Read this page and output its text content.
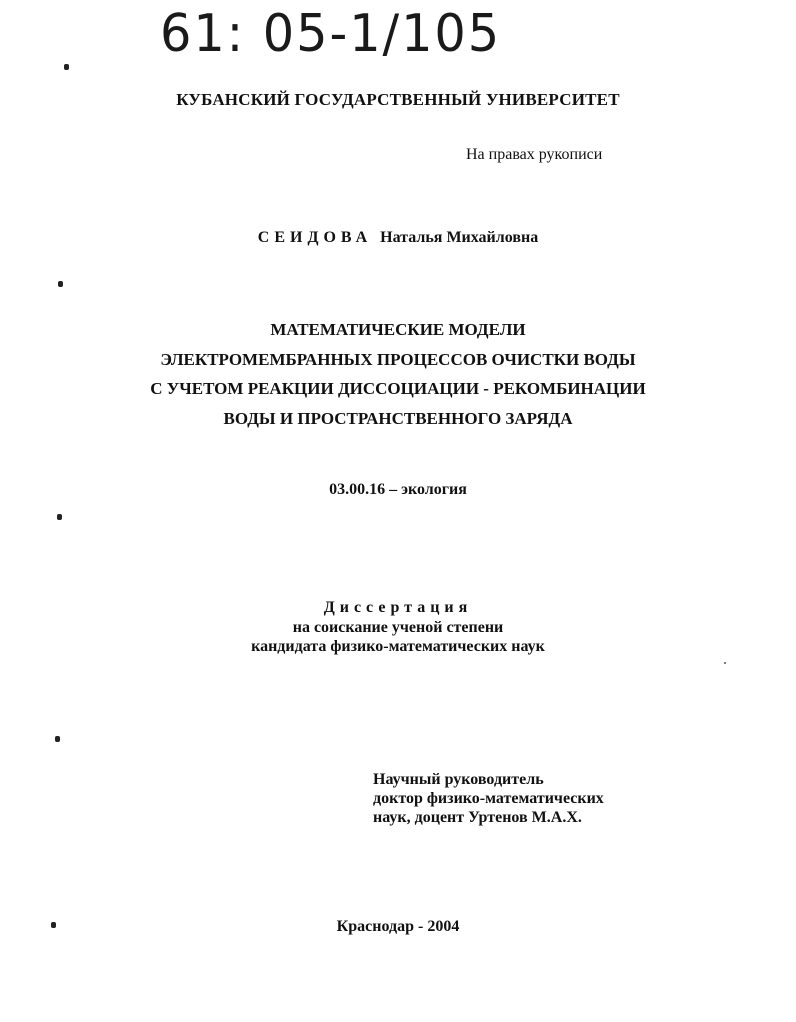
61: 05-1/105
КУБАНСКИЙ ГОСУДАРСТВЕННЫЙ УНИВЕРСИТЕТ
На правах рукописи
СЕИДОВА Наталья Михайловна
МАТЕМАТИЧЕСКИЕ МОДЕЛИ
ЭЛЕКТРОМЕМБРАННЫХ ПРОЦЕССОВ ОЧИСТКИ ВОДЫ
С УЧЕТОМ РЕАКЦИИ ДИССОЦИАЦИИ - РЕКОМБИНАЦИИ
ВОДЫ И ПРОСТРАНСТВЕННОГО ЗАРЯДА
03.00.16 – экология
Диссертация
на соискание ученой степени
кандидата физико-математических наук
Научный руководитель
доктор физико-математических
наук, доцент Уртенов М.А.Х.
Краснодар - 2004
